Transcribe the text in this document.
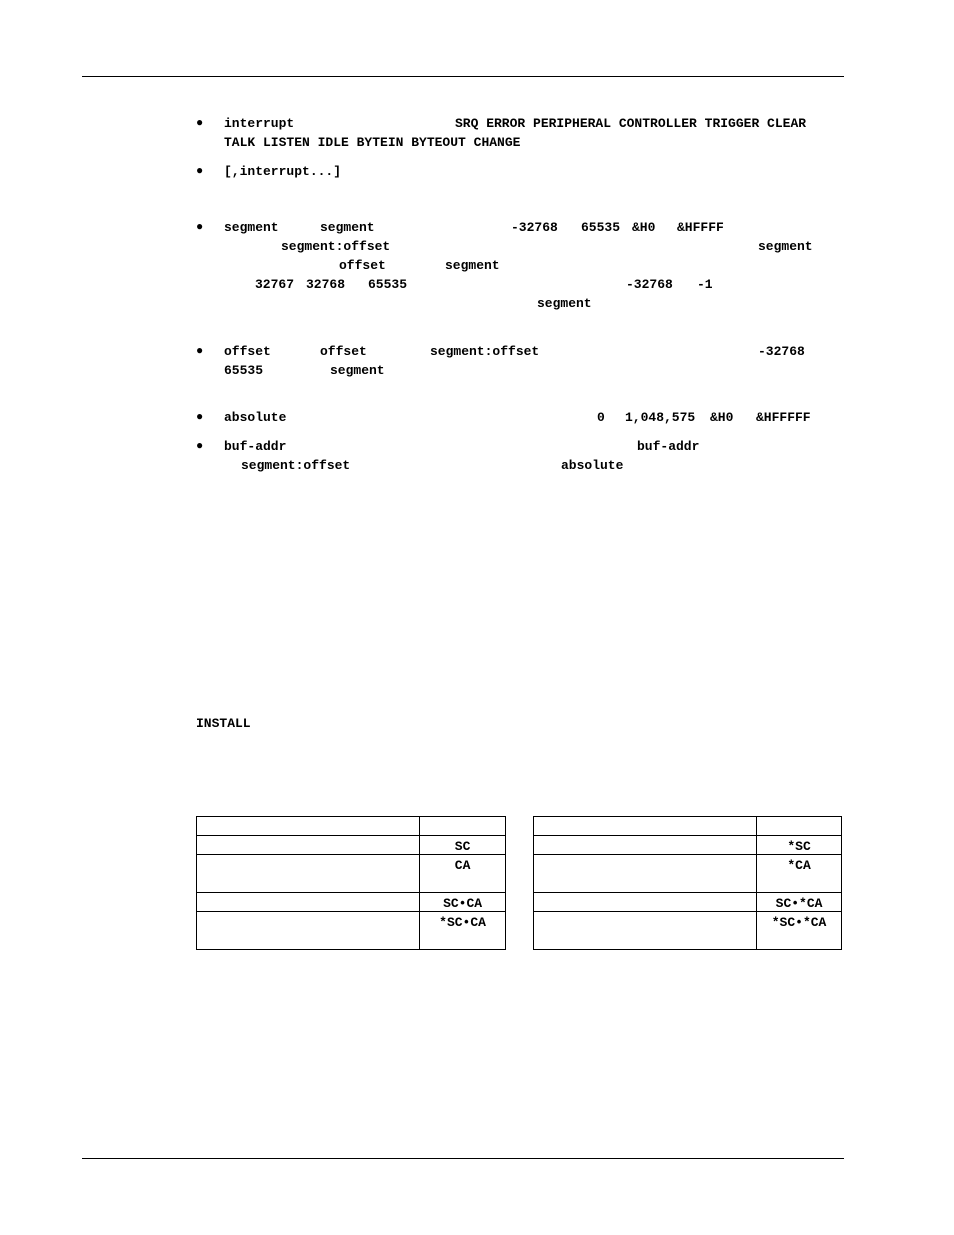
● interrupt	SRQ ERROR PERIPHERAL CONTROLLER TRIGGER CLEAR
TALK LISTEN IDLE BYTEIN BYTEOUT CHANGE
● [,interrupt...]
● segment	segment	-32768 65535 &H0 &HFFFF
segment:offset	segment
offset	segment
32767 32768 65535	-32768 -1
segment
● offset	offset	segment:offset	-32768
65535	segment
● absolute	0 1,048,575 &H0 &HFFFFF
● buf-addr	buf-addr
segment:offset	absolute
INSTALL

	SC
	CA
	SC•CA
	*SC•CA

	*SC
	*CA
	SC•*CA
	*SC•*CA
